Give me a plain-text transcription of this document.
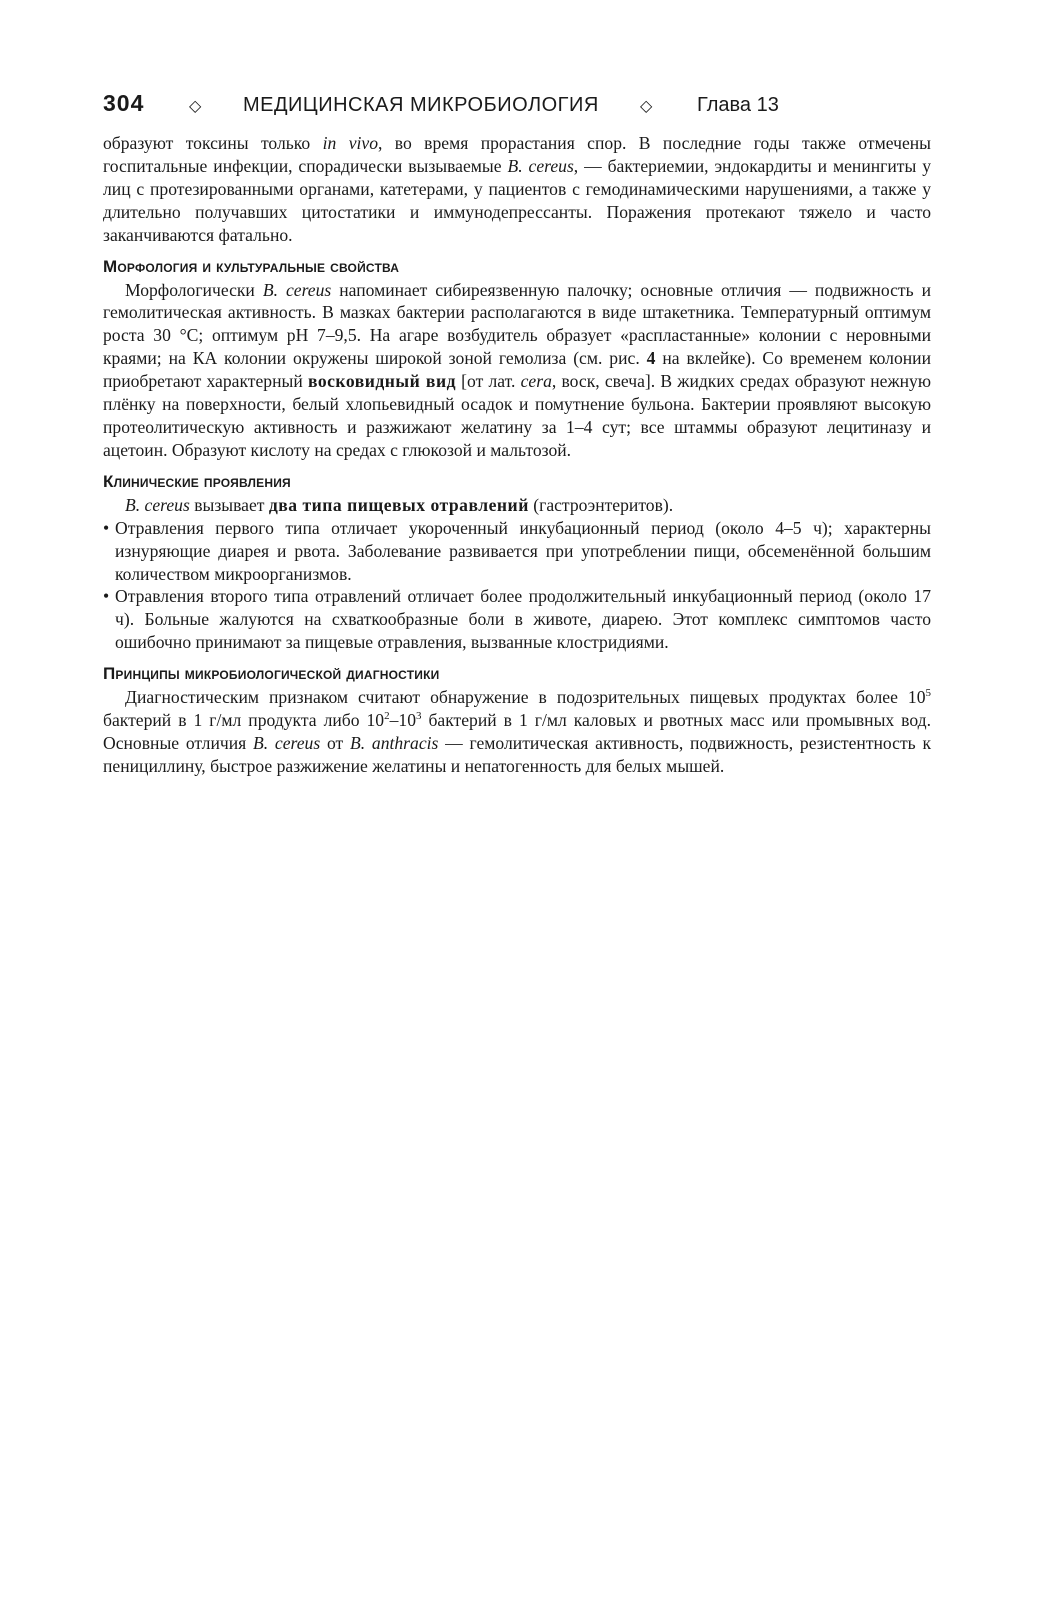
304	◇ МЕДИЦИНСКАЯ МИКРОБИОЛОГИЯ	◇ Глава 13

образуют токсины только in vivo, во время прорастания спор. В последние годы также отмечены госпитальные инфекции, спорадически вызываемые B. cereus, — бактериемии, эндокардиты и менингиты у лиц с протезированными органами, катетерами, у пациентов с гемодинамическими нарушениями, а также у длительно получавших цитостатики и иммунодепрессанты. Поражения протекают тяжело и часто заканчиваются фатально.

Морфология и культуральные свойства

Морфологически B. cereus напоминает сибиреязвенную палочку; основные отличия — подвижность и гемолитическая активность. В мазках бактерии располагаются в виде штакетника. Температурный оптимум роста 30 °С; оптимум pH 7–9,5. На агаре возбудитель образует «распластанные» колонии с неровными краями; на КА колонии окружены широкой зоной гемолиза (см. рис. 4 на вклейке). Со временем колонии приобретают характерный восковидный вид [от лат. cera, воск, свеча]. В жидких средах образуют нежную плёнку на поверхности, белый хлопьевидный осадок и помутнение бульона. Бактерии проявляют высокую протеолитическую активность и разжижают желатину за 1–4 сут; все штаммы образуют лецитиназу и ацетоин. Образуют кислоту на средах с глюкозой и мальтозой.

Клинические проявления

B. cereus вызывает два типа пищевых отравлений (гастроэнтеритов).

• Отравления первого типа отличает укороченный инкубационный период (около 4–5 ч); характерны изнуряющие диарея и рвота. Заболевание развивается при употреблении пищи, обсеменённой большим количеством микроорганизмов.
• Отравления второго типа отравлений отличает более продолжительный инкубационный период (около 17 ч). Больные жалуются на схваткообразные боли в животе, диарею. Этот комплекс симптомов часто ошибочно принимают за пищевые отравления, вызванные клостридиями.
Принципы микробиологической диагностики

Диагностическим признаком считают обнаружение в подозрительных пищевых продуктах более $10^5$ бактерий в 1 г/мл продукта либо $10^2-10^3$ бактерий в 1 г/мл каловых и рвотных масс или промывных вод. Основные отличия B. cereus от B. anthracis — гемолитическая активность, подвижность, резистентность к пенициллину, быстрое разжижение желатины и непатогенность для белых мышей.
